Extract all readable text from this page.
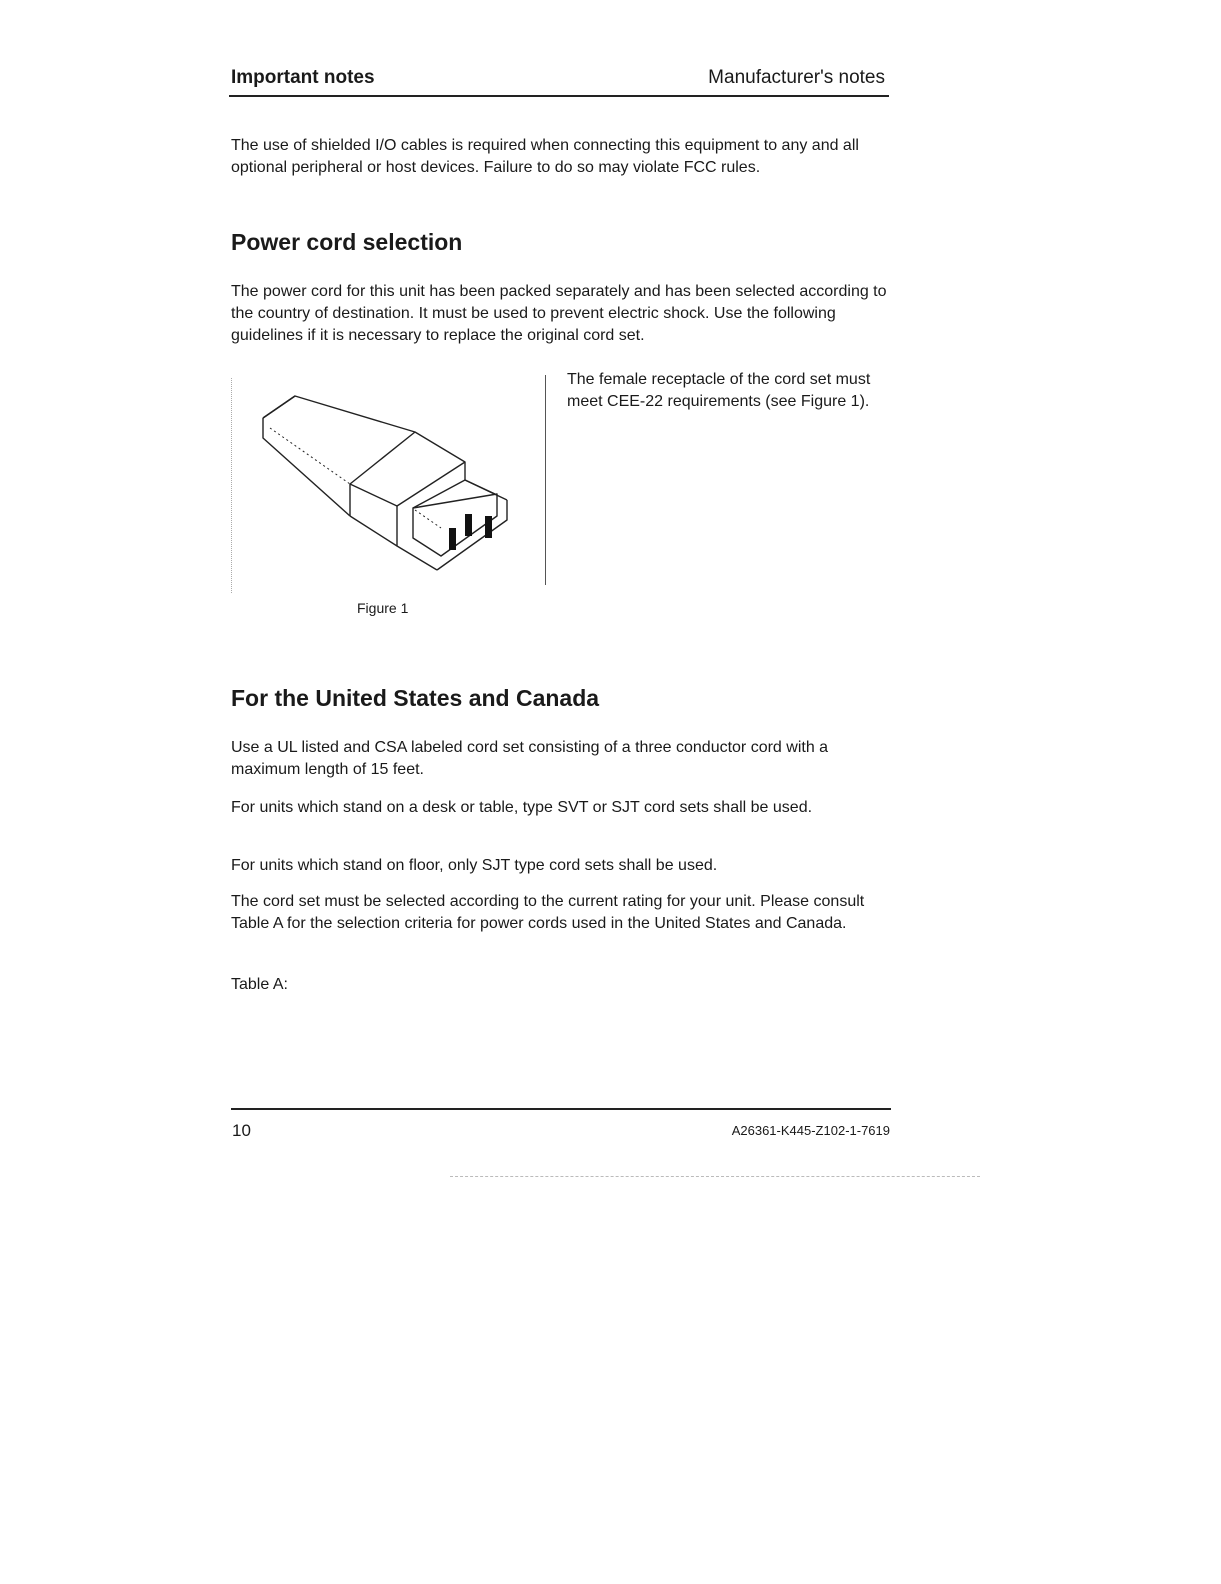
Important notes	Manufacturer's notes

The use of shielded I/O cables is required when connecting this equipment to any and all optional peripheral or host devices. Failure to do so may violate FCC rules.

Power cord selection

The power cord for this unit has been packed separately and has been selected according to the country of destination. It must be used to prevent electric shock. Use the following guidelines if it is necessary to replace the original cord set.

Figure 1

The female receptacle of the cord set must meet CEE-22 requirements (see Figure 1).

For the United States and Canada

Use a UL listed and CSA labeled cord set consisting of a three conductor cord with a maximum length of 15 feet.

For units which stand on a desk or table, type SVT or SJT cord sets shall be used.

For units which stand on floor, only SJT type cord sets shall be used.

The cord set must be selected according to the current rating for your unit. Please consult Table A for the selection criteria for power cords used in the United States and Canada.

Table A:

10	A26361-K445-Z102-1-7619
